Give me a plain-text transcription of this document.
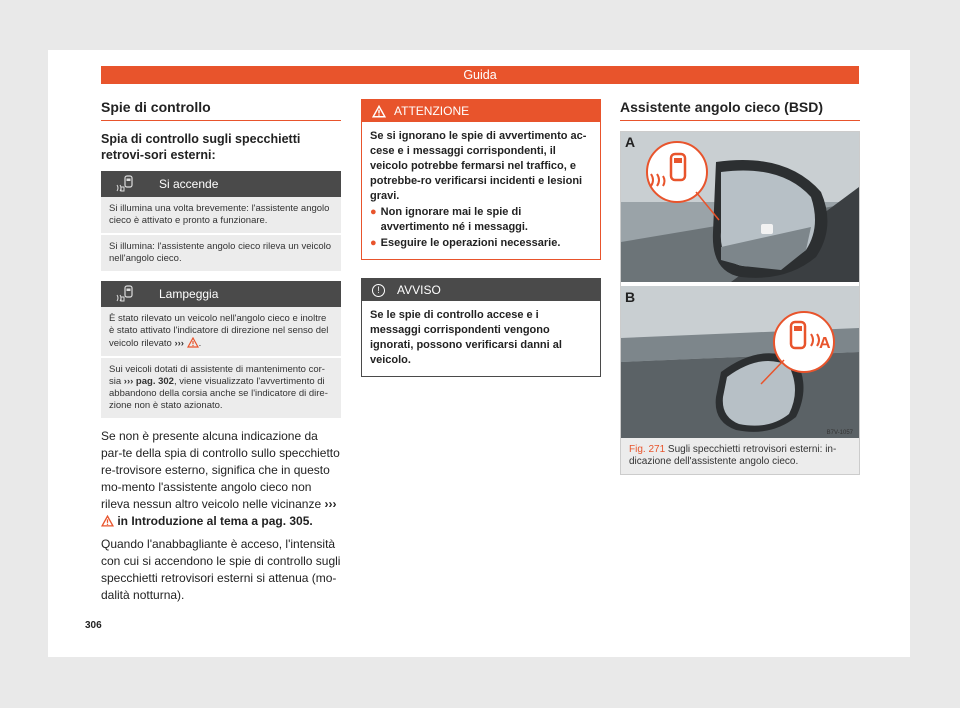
Guida
Spie di controllo
Spia di controllo sugli specchietti retrovi-sori esterni:
Si accende
Si illumina una volta brevemente: l'assistente angolo cieco è attivato e pronto a funzionare.
Si illumina: l'assistente angolo cieco rileva un veicolo nell'angolo cieco.
Lampeggia
È stato rilevato un veicolo nell'angolo cieco e inoltre è stato attivato l'indicatore di direzione nel senso del veicolo rilevato ››› .
Sui veicoli dotati di assistente di mantenimento cor-sia ››› pag. 302, viene visualizzato l'avvertimento di abbandono della corsia anche se l'indicatore di dire-zione non è stato azionato.
Se non è presente alcuna indicazione da par-te della spia di controllo sullo specchietto re-trovisore esterno, significa che in questo mo-mento l'assistente angolo cieco non rileva nessun altro veicolo nelle vicinanze ›››  in Introduzione al tema a pag. 305.
Quando l'anabbagliante è acceso, l'intensità con cui si accendono le spie di controllo sugli specchietti retrovisori esterni si attenua (mo-dalità notturna).
ATTENZIONE
Se si ignorano le spie di avvertimento ac-cese e i messaggi corrispondenti, il veicolo potrebbe fermarsi nel traffico, e potrebbe-ro verificarsi incidenti e lesioni gravi.
● Non ignorare mai le spie di avvertimento né i messaggi.
● Eseguire le operazioni necessarie.
!	AVVISO
Se le spie di controllo accese e i messaggi corrispondenti vengono ignorati, possono verificarsi danni al veicolo.
Assistente angolo cieco (BSD)
A
A
B
B7V-1057
Fig. 271 Sugli specchietti retrovisori esterni: in-dicazione dell'assistente angolo cieco.
306
